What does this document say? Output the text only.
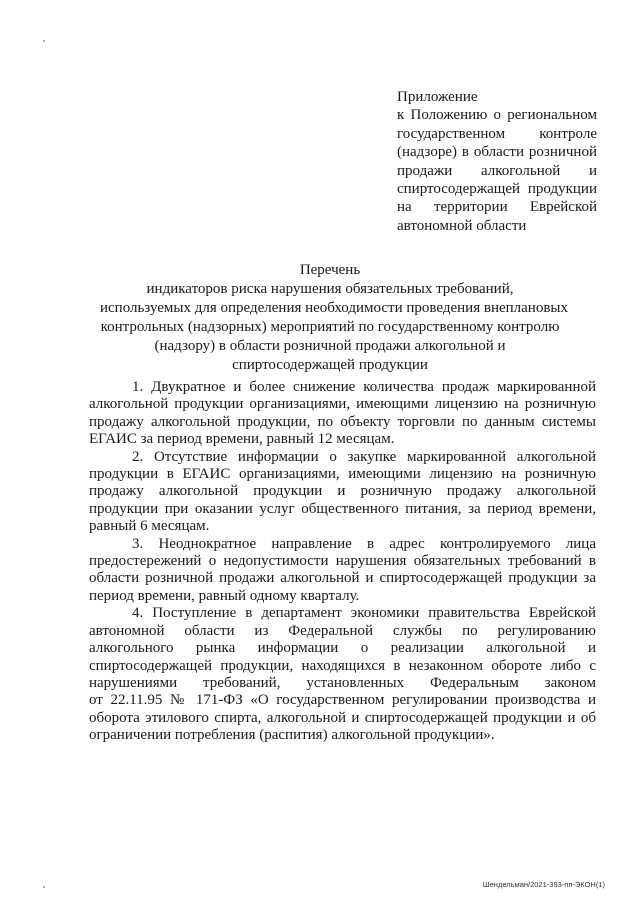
Приложение
к Положению о региональном
государственном контроле
(надзоре) в области розничной
продажи алкогольной и
спиртосодержащей продукции
на территории Еврейской
автономной области
Перечень
индикаторов риска нарушения обязательных требований,
используемых для определения необходимости проведения внеплановых
контрольных (надзорных) мероприятий по государственному контролю
(надзору) в области розничной продажи алкогольной и
спиртосодержащей продукции
1. Двукратное и более снижение количества продаж маркированной
алкогольной продукции организациями, имеющими лицензию на розничную
продажу алкогольной продукции, по объекту торговли по данным системы
ЕГАИС за период времени, равный 12 месяцам.
2. Отсутствие информации о закупке маркированной алкогольной
продукции в ЕГАИС организациями, имеющими лицензию на розничную
продажу алкогольной продукции и розничную продажу алкогольной
продукции при оказании услуг общественного питания, за период времени,
равный 6 месяцам.
3. Неоднократное направление в адрес контролируемого лица
предостережений о недопустимости нарушения обязательных требований в
области розничной продажи алкогольной и спиртосодержащей продукции за
период времени, равный одному кварталу.
4. Поступление в департамент экономики правительства Еврейской
автономной области из Федеральной службы по регулированию
алкогольного рынка информации о реализации алкогольной и
спиртосодержащей продукции, находящихся в незаконном обороте либо с
нарушениями требований, установленных Федеральным законом
от 22.11.95 № 171-ФЗ «О государственном регулировании производства и
оборота этилового спирта, алкогольной и спиртосодержащей продукции и об
ограничении потребления (распития) алкогольной продукции».
Шендельман/2021-393-пп-ЭКОН(1)
